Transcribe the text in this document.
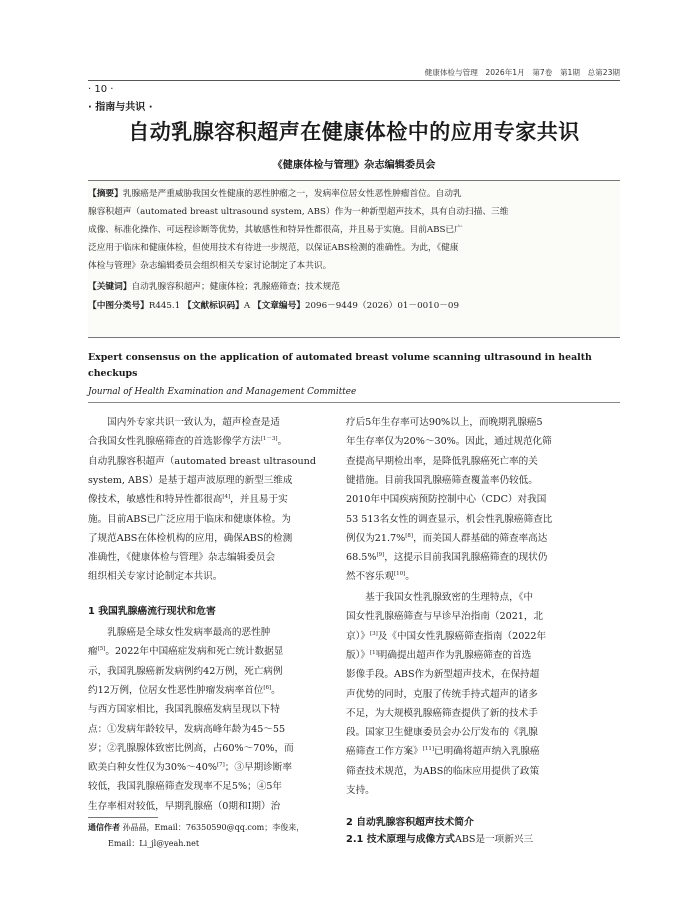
健康体检与管理　2026年1月　第7卷　第1期　总第23期
· 10 ·
· 指南与共识 ·
自动乳腺容积超声在健康体检中的应用专家共识
《健康体检与管理》杂志编辑委员会
【摘要】乳腺癌是严重威胁我国女性健康的恶性肿瘤之一，发病率位居女性恶性肿瘤首位。自动乳
腺容积超声（automated breast ultrasound system, ABS）作为一种新型超声技术，具有自动扫描、三维
成像、标准化操作、可远程诊断等优势，其敏感性和特异性都很高，并且易于实施。目前ABS已广
泛应用于临床和健康体检，但使用技术有待进一步规范，以保证ABS检测的准确性。为此，《健康
体检与管理》杂志编辑委员会组织相关专家讨论制定了本共识。
【关键词】自动乳腺容积超声；健康体检；乳腺癌筛查；技术规范
【中图分类号】R445.1 【文献标识码】A 【文章编号】2096－9449（2026）01－0010－09
Expert consensus on the application of automated breast volume scanning ultrasound in health checkups
Journal of Health Examination and Management Committee
　　国内外专家共识一致认为，超声检查是适
合我国女性乳腺癌筛查的首选影像学方法[1－3]。
自动乳腺容积超声（automated breast ultrasound
system, ABS）是基于超声波原理的新型三维成
像技术，敏感性和特异性都很高[4]，并且易于实
施。目前ABS已广泛应用于临床和健康体检。为
了规范ABS在体检机构的应用，确保ABS的检测
准确性，《健康体检与管理》杂志编辑委员会
组织相关专家讨论制定本共识。
1 我国乳腺癌流行现状和危害
　　乳腺癌是全球女性发病率最高的恶性肿
瘤[5]。2022年中国癌症发病和死亡统计数据显
示，我国乳腺癌新发病例约42万例，死亡病例
约12万例，位居女性恶性肿瘤发病率首位[6]。
与西方国家相比，我国乳腺癌发病呈现以下特
点：①发病年龄较早，发病高峰年龄为45～55
岁；②乳腺腺体致密比例高，占60%～70%，而
欧美白种女性仅为30%～40%[7]；③早期诊断率
较低，我国乳腺癌筛查发现率不足5%；④5年
生存率相对较低，早期乳腺癌（0期和Ⅰ期）治
通信作者 孙晶晶，Email：76350590@qq.com；李俊来，
Email：Li_jl@yeah.net
疗后5年生存率可达90%以上，而晚期乳腺癌5
年生存率仅为20%～30%。因此，通过规范化筛
查提高早期检出率，是降低乳腺癌死亡率的关
键措施。目前我国乳腺癌筛查覆盖率仍较低。
2010年中国疾病预防控制中心（CDC）对我国
53 513名女性的调查显示，机会性乳腺癌筛查比
例仅为21.7%[8]，而美国人群基础的筛查率高达
68.5%[9]，这提示目前我国乳腺癌筛查的现状仍
然不容乐观[10]。
　　基于我国女性乳腺致密的生理特点，《中
国女性乳腺癌筛查与早诊早治指南（2021，北
京）》[3]及《中国女性乳腺癌筛查指南（2022年
版）》[1]明确提出超声作为乳腺癌筛查的首选
影像手段。ABS作为新型超声技术，在保持超
声优势的同时，克服了传统手持式超声的诸多
不足，为大规模乳腺癌筛查提供了新的技术手
段。国家卫生健康委员会办公厅发布的《乳腺
癌筛查工作方案》[11]已明确将超声纳入乳腺癌
筛查技术规范，为ABS的临床应用提供了政策
支持。
2 自动乳腺容积超声技术简介
2.1 技术原理与成像方式ABS是一项新兴三
